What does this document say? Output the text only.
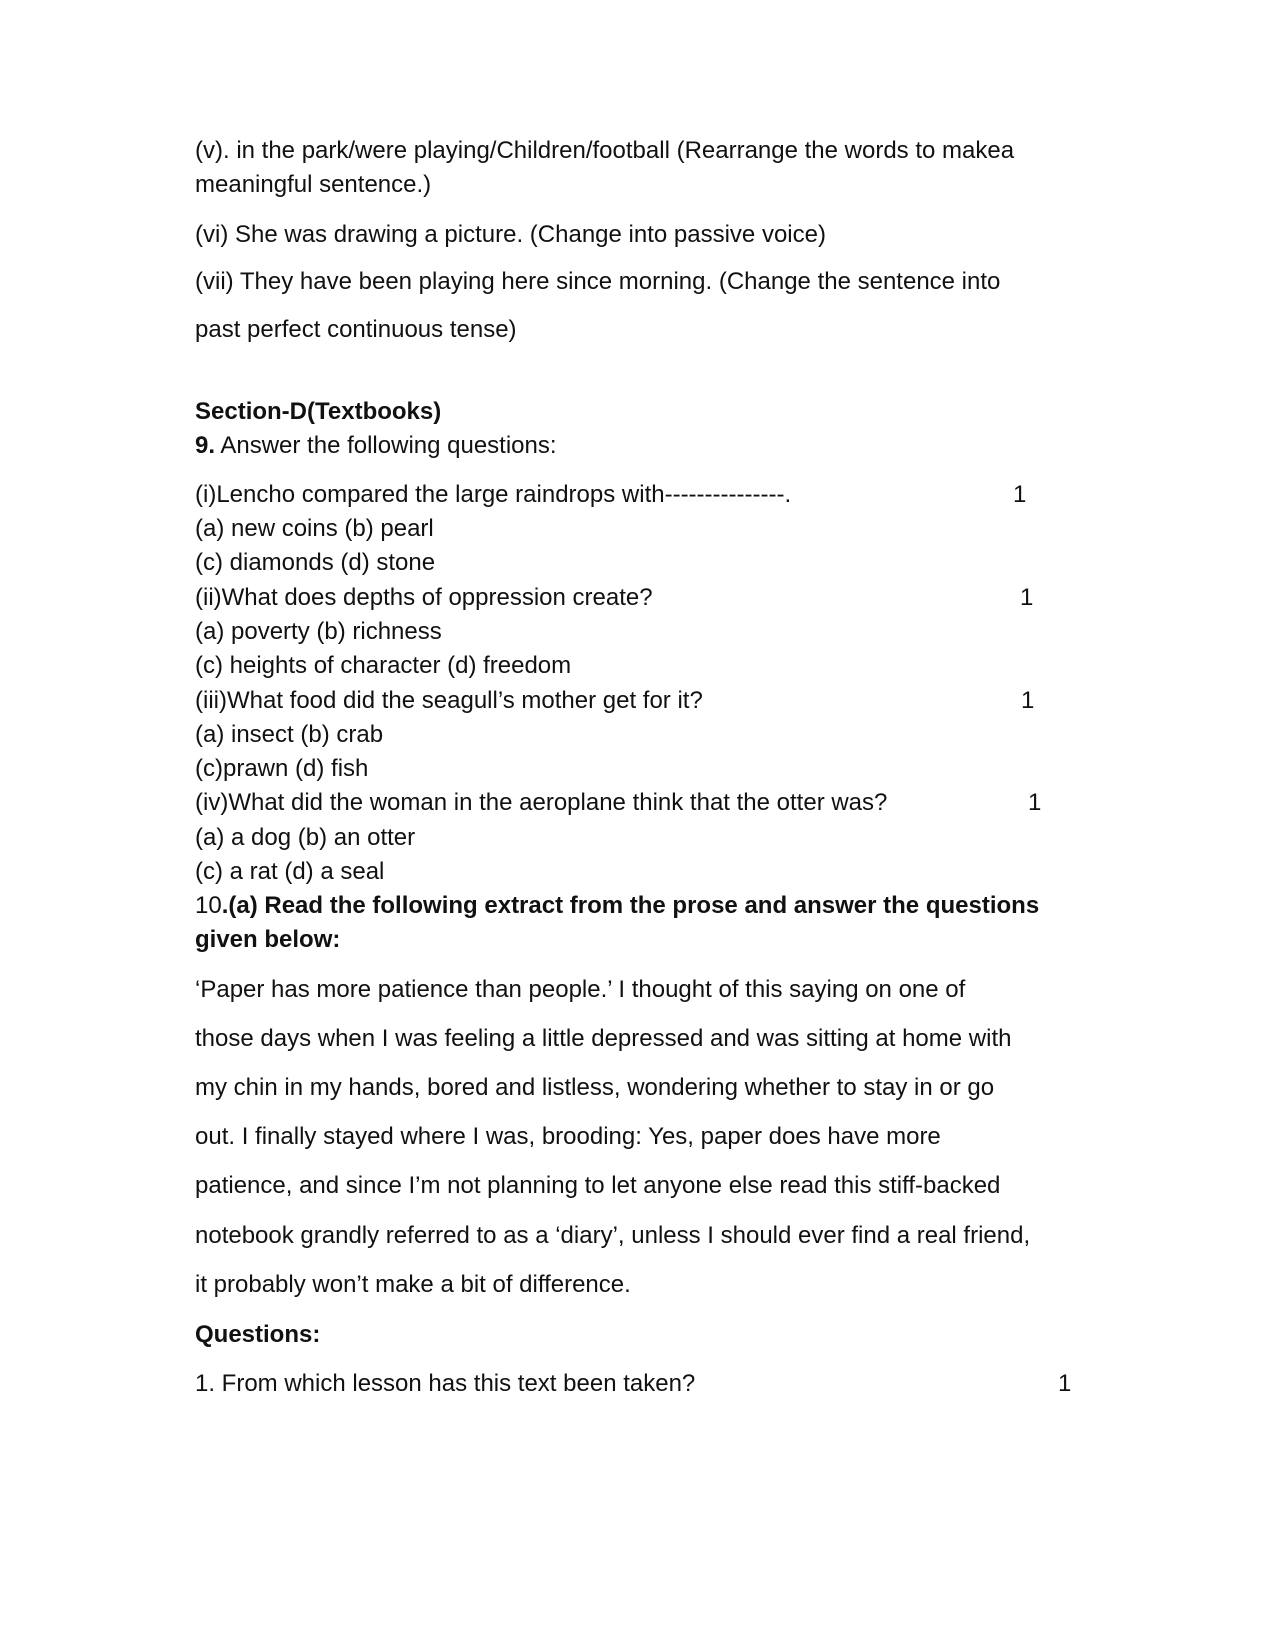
(v). in the park/were playing/Children/football (Rearrange the words to makea
meaningful sentence.)
(vi) She was drawing a picture. (Change into passive voice)
(vii) They have been playing here since morning. (Change the sentence into
past perfect continuous tense)
Section-D(Textbooks)
9. Answer the following questions:
(i)Lencho compared the large raindrops with---------------.	1
(a) new coins (b) pearl
(c) diamonds (d) stone
(ii)What does depths of oppression create?	1
(a) poverty (b) richness
(c) heights of character (d) freedom
(iii)What food did the seagull’s mother get for it?	1
(a) insect (b) crab
(c)prawn (d) fish
(iv)What did the woman in the aeroplane think that the otter was?	1
(a) a dog (b) an otter
(c) a rat (d) a seal
10.(a) Read the following extract from the prose and answer the questions
given below:
‘Paper has more patience than people.’ I thought of this saying on one of
those days when I was feeling a little depressed and was sitting at home with
my chin in my hands, bored and listless, wondering whether to stay in or go
out. I finally stayed where I was, brooding: Yes, paper does have more
patience, and since I’m not planning to let anyone else read this stiff-backed
notebook grandly referred to as a ‘diary’, unless I should ever find a real friend,
it probably won’t make a bit of difference.
Questions:
1. From which lesson has this text been taken?	1
